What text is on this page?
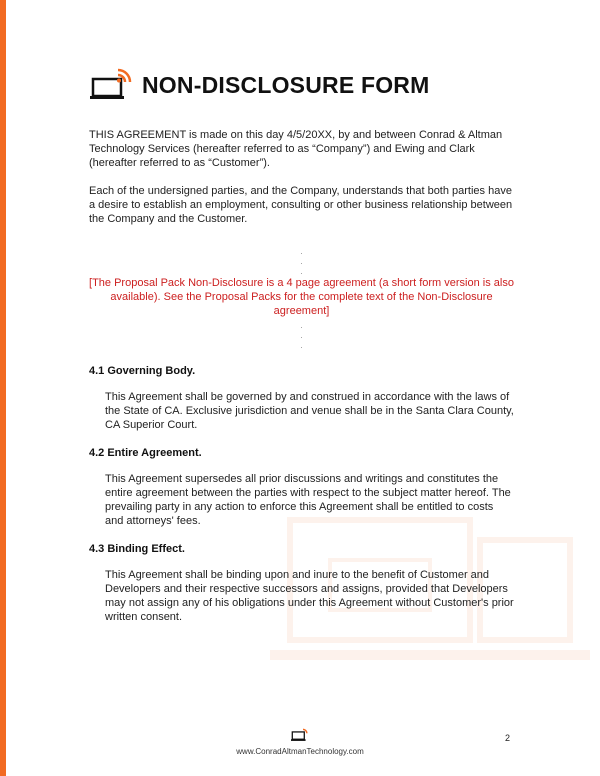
NON-DISCLOSURE FORM

THIS AGREEMENT is made on this day 4/5/20XX, by and between Conrad & Altman Technology Services (hereafter referred to as “Company”) and Ewing and Clark (hereafter referred to as “Customer”).

Each of the undersigned parties, and the Company, understands that both parties have a desire to establish an employment, consulting or other business relationship between the Company and the Customer.

.
.
.

[The Proposal Pack Non-Disclosure is a 4 page agreement (a short form version is also available). See the Proposal Packs for the complete text of the Non-Disclosure agreement]

.
.
.

4.1 Governing Body.

This Agreement shall be governed by and construed in accordance with the laws of the State of CA. Exclusive jurisdiction and venue shall be in the Santa Clara County, CA Superior Court.

4.2 Entire Agreement.

This Agreement supersedes all prior discussions and writings and constitutes the entire agreement between the parties with respect to the subject matter hereof. The prevailing party in any action to enforce this Agreement shall be entitled to costs and attorneys' fees.

4.3 Binding Effect.

This Agreement shall be binding upon and inure to the benefit of Customer and Developers and their respective successors and assigns, provided that Developers may not assign any of his obligations under this Agreement without Customer's prior written consent.

www.ConradAltmanTechnology.com
2
